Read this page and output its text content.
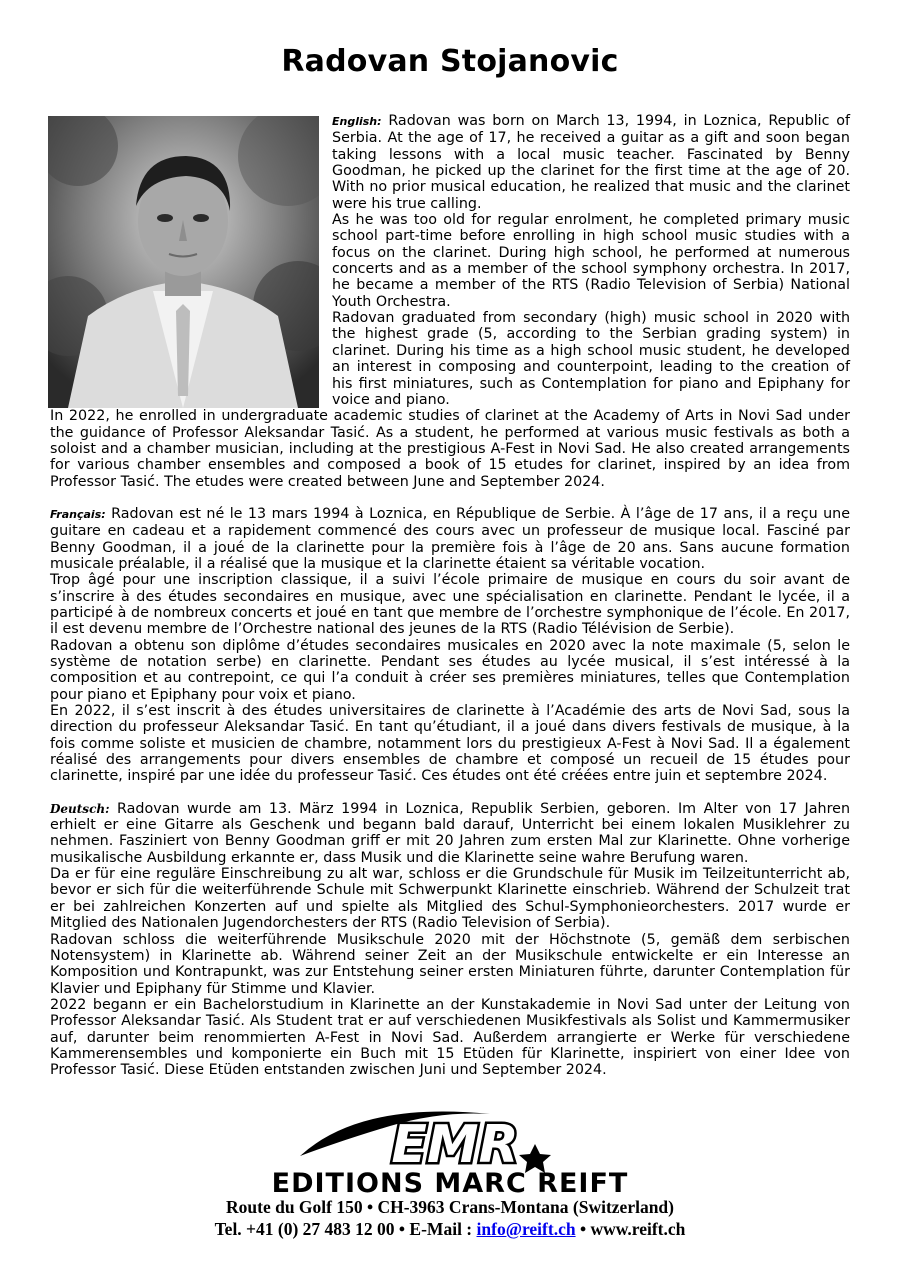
Radovan Stojanovic

English: Radovan was born on March 13, 1994, in Loznica, Republic of Serbia. At the age of 17, he received a guitar as a gift and soon began taking lessons with a local music teacher. Fascinated by Benny Goodman, he picked up the clarinet for the first time at the age of 20. With no prior musical education, he realized that music and the clarinet were his true calling.

As he was too old for regular enrolment, he completed primary music school part-time before enrolling in high school music studies with a focus on the clarinet. During high school, he performed at numerous concerts and as a member of the school symphony orchestra. In 2017, he became a member of the RTS (Radio Television of Serbia) National Youth Orchestra.

Radovan graduated from secondary (high) music school in 2020 with the highest grade (5, according to the Serbian grading system) in clarinet. During his time as a high school music student, he developed an interest in composing and counterpoint, leading to the creation of his first miniatures, such as Contemplation for piano and Epiphany for voice and piano.

In 2022, he enrolled in undergraduate academic studies of clarinet at the Academy of Arts in Novi Sad under the guidance of Professor Aleksandar Tasić. As a student, he performed at various music festivals as both a soloist and a chamber musician, including at the prestigious A-Fest in Novi Sad. He also created arrangements for various chamber ensembles and composed a book of 15 etudes for clarinet, inspired by an idea from Professor Tasić. The etudes were created between June and September 2024.

Français: Radovan est né le 13 mars 1994 à Loznica, en République de Serbie. À l’âge de 17 ans, il a reçu une guitare en cadeau et a rapidement commencé des cours avec un professeur de musique local. Fasciné par Benny Goodman, il a joué de la clarinette pour la première fois à l’âge de 20 ans. Sans aucune formation musicale préalable, il a réalisé que la musique et la clarinette étaient sa véritable vocation.

Trop âgé pour une inscription classique, il a suivi l’école primaire de musique en cours du soir avant de s’inscrire à des études secondaires en musique, avec une spécialisation en clarinette. Pendant le lycée, il a participé à de nombreux concerts et joué en tant que membre de l’orchestre symphonique de l’école. En 2017, il est devenu membre de l’Orchestre national des jeunes de la RTS (Radio Télévision de Serbie).

Radovan a obtenu son diplôme d’études secondaires musicales en 2020 avec la note maximale (5, selon le système de notation serbe) en clarinette. Pendant ses études au lycée musical, il s’est intéressé à la composition et au contrepoint, ce qui l’a conduit à créer ses premières miniatures, telles que Contemplation pour piano et Epiphany pour voix et piano.

En 2022, il s’est inscrit à des études universitaires de clarinette à l’Académie des arts de Novi Sad, sous la direction du professeur Aleksandar Tasić. En tant qu’étudiant, il a joué dans divers festivals de musique, à la fois comme soliste et musicien de chambre, notamment lors du prestigieux A-Fest à Novi Sad. Il a également réalisé des arrangements pour divers ensembles de chambre et composé un recueil de 15 études pour clarinette, inspiré par une idée du professeur Tasić. Ces études ont été créées entre juin et septembre 2024.

Deutsch: Radovan wurde am 13. März 1994 in Loznica, Republik Serbien, geboren. Im Alter von 17 Jahren erhielt er eine Gitarre als Geschenk und begann bald darauf, Unterricht bei einem lokalen Musiklehrer zu nehmen. Fasziniert von Benny Goodman griff er mit 20 Jahren zum ersten Mal zur Klarinette. Ohne vorherige musikalische Ausbildung erkannte er, dass Musik und die Klarinette seine wahre Berufung waren.

Da er für eine reguläre Einschreibung zu alt war, schloss er die Grundschule für Musik im Teilzeitunterricht ab, bevor er sich für die weiterführende Schule mit Schwerpunkt Klarinette einschrieb. Während der Schulzeit trat er bei zahlreichen Konzerten auf und spielte als Mitglied des Schul-Symphonieorchesters. 2017 wurde er Mitglied des Nationalen Jugendorchesters der RTS (Radio Television of Serbia).

Radovan schloss die weiterführende Musikschule 2020 mit der Höchstnote (5, gemäß dem serbischen Notensystem) in Klarinette ab. Während seiner Zeit an der Musikschule entwickelte er ein Interesse an Komposition und Kontrapunkt, was zur Entstehung seiner ersten Miniaturen führte, darunter Contemplation für Klavier und Epiphany für Stimme und Klavier.

2022 begann er ein Bachelorstudium in Klarinette an der Kunstakademie in Novi Sad unter der Leitung von Professor Aleksandar Tasić. Als Student trat er auf verschiedenen Musikfestivals als Solist und Kammermusiker auf, darunter beim renommierten A-Fest in Novi Sad. Außerdem arrangierte er Werke für verschiedene Kammerensembles und komponierte ein Buch mit 15 Etüden für Klarinette, inspiriert von einer Idee von Professor Tasić. Diese Etüden entstanden zwischen Juni und September 2024.

EMR
EDITIONS MARC REIFT
Route du Golf 150 • CH-3963 Crans-Montana (Switzerland)
Tel. +41 (0) 27 483 12 00 • E-Mail : info@reift.ch • www.reift.ch
